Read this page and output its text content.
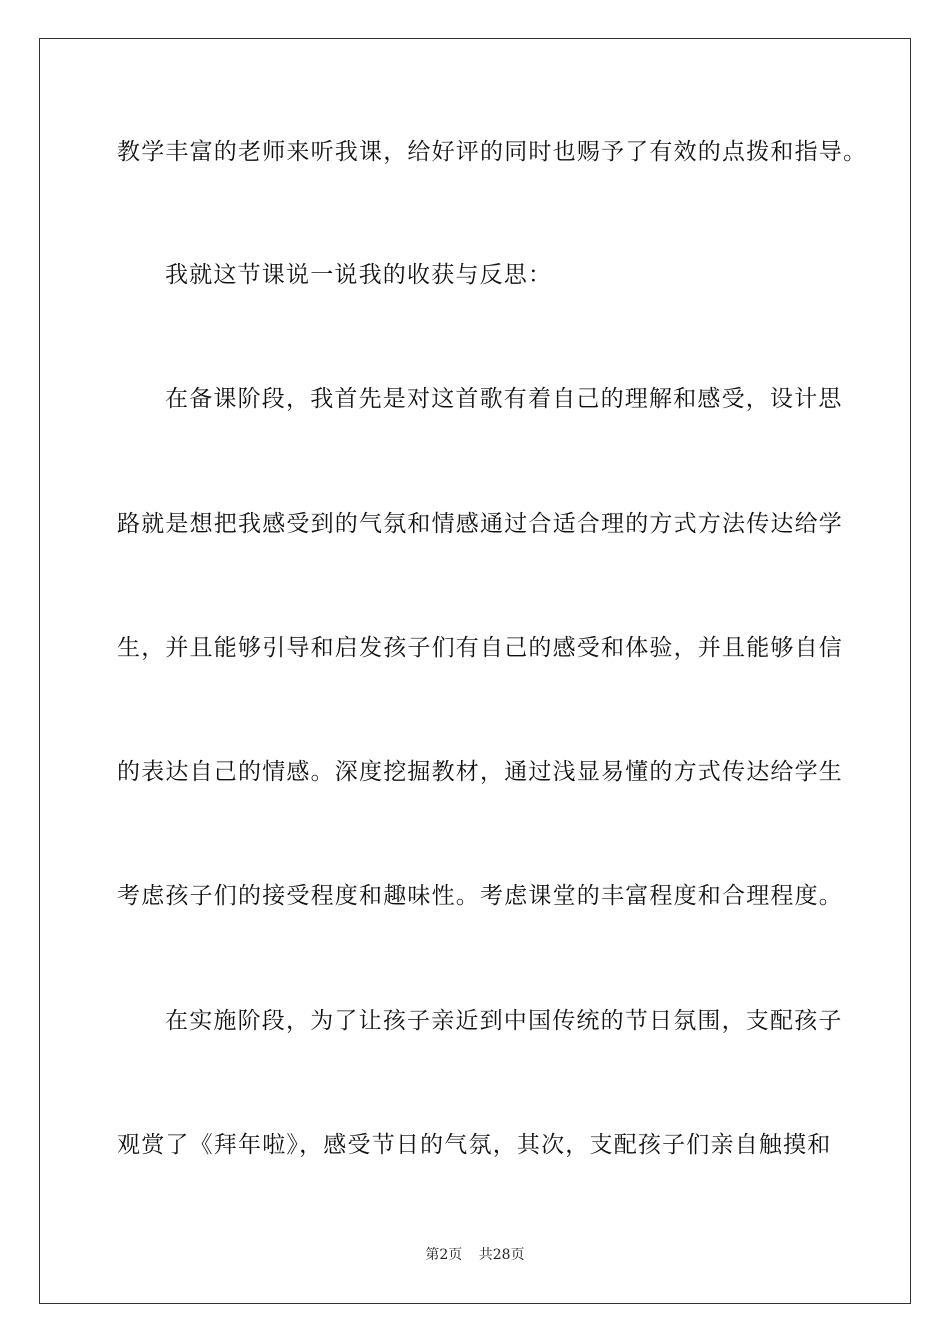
教学丰富的老师来听我课，给好评的同时也赐予了有效的点拨和指导。
我就这节课说一说我的收获与反思：
在备课阶段，我首先是对这首歌有着自己的理解和感受，设计思
路就是想把我感受到的气氛和情感通过合适合理的方式方法传达给学
生，并且能够引导和启发孩子们有自己的感受和体验，并且能够自信
的表达自己的情感。深度挖掘教材，通过浅显易懂的方式传达给学生
考虑孩子们的接受程度和趣味性。考虑课堂的丰富程度和合理程度。
在实施阶段，为了让孩子亲近到中国传统的节日氛围，支配孩子
观赏了《拜年啦》，感受节日的气氛，其次，支配孩子们亲自触摸和
第2页 共28页
